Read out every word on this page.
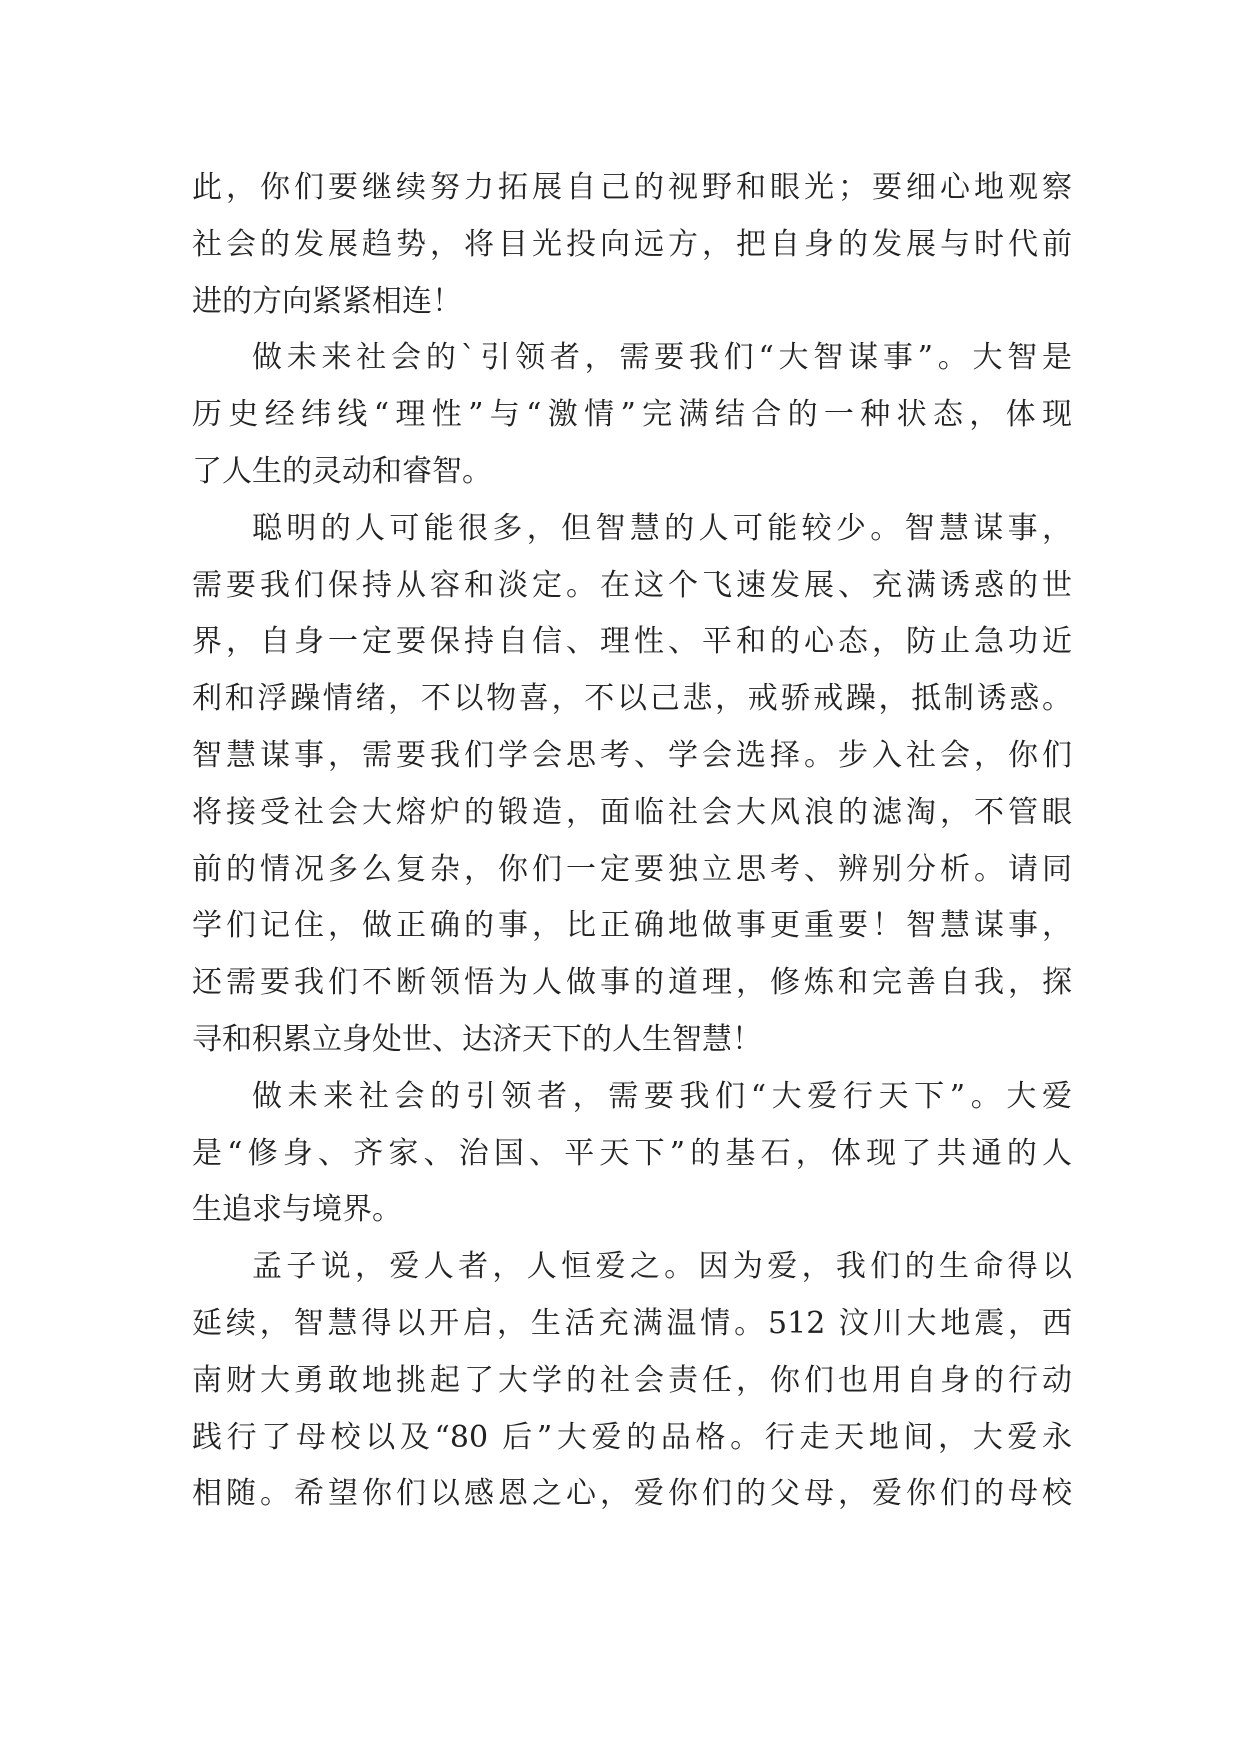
此，你们要继续努力拓展自己的视野和眼光；要细心地观察
社会的发展趋势，将目光投向远方，把自身的发展与时代前
进的方向紧紧相连！
做未来社会的`引领者，需要我们“大智谋事”。大智是
历史经纬线“理性”与“激情”完满结合的一种状态，体现
了人生的灵动和睿智。
聪明的人可能很多，但智慧的人可能较少。智慧谋事，
需要我们保持从容和淡定。在这个飞速发展、充满诱惑的世
界，自身一定要保持自信、理性、平和的心态，防止急功近
利和浮躁情绪，不以物喜，不以己悲，戒骄戒躁，抵制诱惑。
智慧谋事，需要我们学会思考、学会选择。步入社会，你们
将接受社会大熔炉的锻造，面临社会大风浪的滤淘，不管眼
前的情况多么复杂，你们一定要独立思考、辨别分析。请同
学们记住，做正确的事，比正确地做事更重要！智慧谋事，
还需要我们不断领悟为人做事的道理，修炼和完善自我，探
寻和积累立身处世、达济天下的人生智慧！
做未来社会的引领者，需要我们“大爱行天下”。大爱
是“修身、齐家、治国、平天下”的基石，体现了共通的人
生追求与境界。
孟子说，爱人者，人恒爱之。因为爱，我们的生命得以
延续，智慧得以开启，生活充满温情。512 汶川大地震，西
南财大勇敢地挑起了大学的社会责任，你们也用自身的行动
践行了母校以及“80 后”大爱的品格。行走天地间，大爱永
相随。希望你们以感恩之心，爱你们的父母，爱你们的母校
